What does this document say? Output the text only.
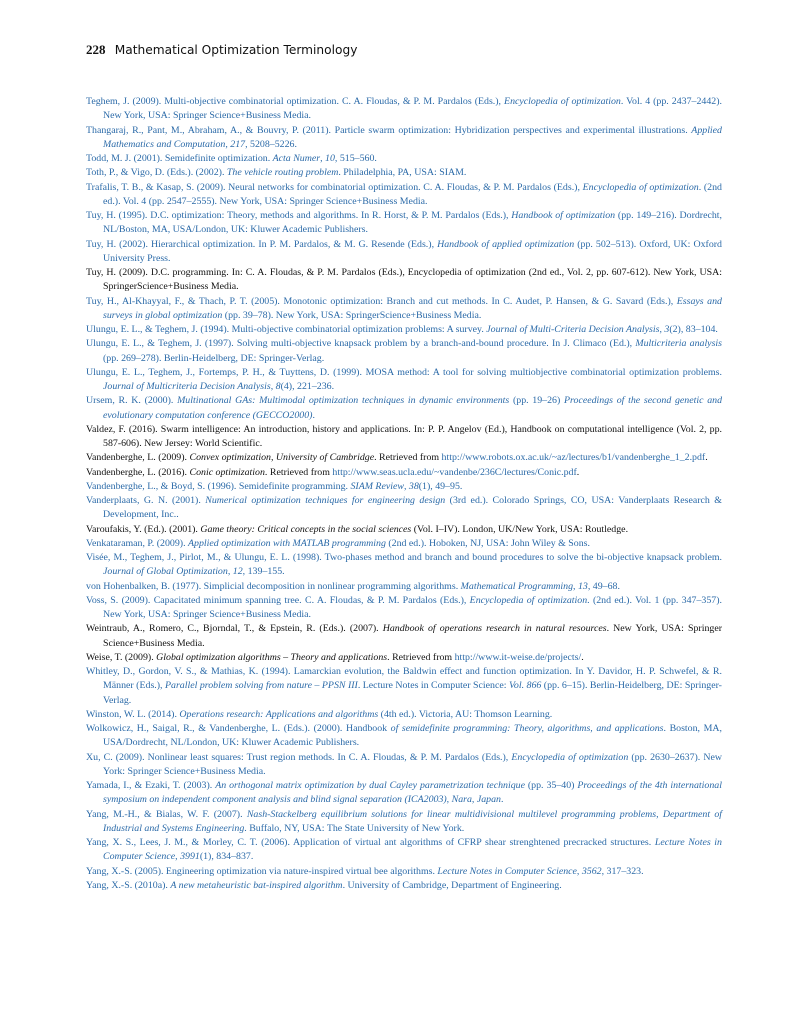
228 Mathematical Optimization Terminology
Teghem, J. (2009). Multi-objective combinatorial optimization. C. A. Floudas, & P. M. Pardalos (Eds.), Encyclopedia of optimization. Vol. 4 (pp. 2437–2442). New York, USA: Springer Science+Business Media.
Thangaraj, R., Pant, M., Abraham, A., & Bouvry, P. (2011). Particle swarm optimization: Hybridization perspectives and experimental illustrations. Applied Mathematics and Computation, 217, 5208–5226.
Todd, M. J. (2001). Semidefinite optimization. Acta Numer, 10, 515–560.
Toth, P., & Vigo, D. (Eds.). (2002). The vehicle routing problem. Philadelphia, PA, USA: SIAM.
Trafalis, T. B., & Kasap, S. (2009). Neural networks for combinatorial optimization. C. A. Floudas, & P. M. Pardalos (Eds.), Encyclopedia of optimization. (2nd ed.). Vol. 4 (pp. 2547–2555). New York, USA: Springer Science+Business Media.
Tuy, H. (1995). D.C. optimization: Theory, methods and algorithms. In R. Horst, & P. M. Pardalos (Eds.), Handbook of optimization (pp. 149–216). Dordrecht, NL/Boston, MA, USA/London, UK: Kluwer Academic Publishers.
Tuy, H. (2002). Hierarchical optimization. In P. M. Pardalos, & M. G. Resende (Eds.), Handbook of applied optimization (pp. 502–513). Oxford, UK: Oxford University Press.
Tuy, H. (2009). D.C. programming. In: C. A. Floudas, & P. M. Pardalos (Eds.), Encyclopedia of optimization (2nd ed., Vol. 2, pp. 607-612). New York, USA: SpringerScience+Business Media.
Tuy, H., Al-Khayyal, F., & Thach, P. T. (2005). Monotonic optimization: Branch and cut methods. In C. Audet, P. Hansen, & G. Savard (Eds.), Essays and surveys in global optimization (pp. 39–78). New York, USA: SpringerScience+Business Media.
Ulungu, E. L., & Teghem, J. (1994). Multi-objective combinatorial optimization problems: A survey. Journal of Multi-Criteria Decision Analysis, 3(2), 83–104.
Ulungu, E. L., & Teghem, J. (1997). Solving multi-objective knapsack problem by a branch-and-bound procedure. In J. Climaco (Ed.), Multicriteria analysis (pp. 269–278). Berlin-Heidelberg, DE: Springer-Verlag.
Ulungu, E. L., Teghem, J., Fortemps, P. H., & Tuyttens, D. (1999). MOSA method: A tool for solving multiobjective combinatorial optimization problems. Journal of Multicriteria Decision Analysis, 8(4), 221–236.
Ursem, R. K. (2000). Multinational GAs: Multimodal optimization techniques in dynamic environments (pp. 19–26) Proceedings of the second genetic and evolutionary computation conference (GECCO2000).
Valdez, F. (2016). Swarm intelligence: An introduction, history and applications. In: P. P. Angelov (Ed.), Handbook on computational intelligence (Vol. 2, pp. 587-606). New Jersey: World Scientific.
Vandenberghe, L. (2009). Convex optimization, University of Cambridge. Retrieved from http://www.robots.ox.ac.uk/~az/lectures/b1/vandenberghe_1_2.pdf.
Vandenberghe, L. (2016). Conic optimization. Retrieved from http://www.seas.ucla.edu/~vandenbe/236C/lectures/Conic.pdf.
Vandenberghe, L., & Boyd, S. (1996). Semidefinite programming. SIAM Review, 38(1), 49–95.
Vanderplaats, G. N. (2001). Numerical optimization techniques for engineering design (3rd ed.). Colorado Springs, CO, USA: Vanderplaats Research & Development, Inc..
Varoufakis, Y. (Ed.). (2001). Game theory: Critical concepts in the social sciences (Vol. I–IV). London, UK/New York, USA: Routledge.
Venkataraman, P. (2009). Applied optimization with MATLAB programming (2nd ed.). Hoboken, NJ, USA: John Wiley & Sons.
Visée, M., Teghem, J., Pirlot, M., & Ulungu, E. L. (1998). Two-phases method and branch and bound procedures to solve the bi-objective knapsack problem. Journal of Global Optimization, 12, 139–155.
von Hohenbalken, B. (1977). Simplicial decomposition in nonlinear programming algorithms. Mathematical Programming, 13, 49–68.
Voss, S. (2009). Capacitated minimum spanning tree. C. A. Floudas, & P. M. Pardalos (Eds.), Encyclopedia of optimization. (2nd ed.). Vol. 1 (pp. 347–357). New York, USA: Springer Science+Business Media.
Weintraub, A., Romero, C., Bjorndal, T., & Epstein, R. (Eds.). (2007). Handbook of operations research in natural resources. New York, USA: Springer Science+Business Media.
Weise, T. (2009). Global optimization algorithms – Theory and applications. Retrieved from http://www.it-weise.de/projects/.
Whitley, D., Gordon, V. S., & Mathias, K. (1994). Lamarckian evolution, the Baldwin effect and function optimization. In Y. Davidor, H. P. Schwefel, & R. Männer (Eds.), Parallel problem solving from nature – PPSN III. Lecture Notes in Computer Science: Vol. 866 (pp. 6–15). Berlin-Heidelberg, DE: Springer-Verlag.
Winston, W. L. (2014). Operations research: Applications and algorithms (4th ed.). Victoria, AU: Thomson Learning.
Wolkowicz, H., Saigal, R., & Vandenberghe, L. (Eds.). (2000). Handbook of semidefinite programming: Theory, algorithms, and applications. Boston, MA, USA/Dordrecht, NL/London, UK: Kluwer Academic Publishers.
Xu, C. (2009). Nonlinear least squares: Trust region methods. In C. A. Floudas, & P. M. Pardalos (Eds.), Encyclopedia of optimization (pp. 2630–2637). New York: Springer Science+Business Media.
Yamada, I., & Ezaki, T. (2003). An orthogonal matrix optimization by dual Cayley parametrization technique (pp. 35–40) Proceedings of the 4th international symposium on independent component analysis and blind signal separation (ICA2003), Nara, Japan.
Yang, M.-H., & Bialas, W. F. (2007). Nash-Stackelberg equilibrium solutions for linear multidivisional multilevel programming problems, Department of Industrial and Systems Engineering. Buffalo, NY, USA: The State University of New York.
Yang, X. S., Lees, J. M., & Morley, C. T. (2006). Application of virtual ant algorithms of CFRP shear strenghtened precracked structures. Lecture Notes in Computer Science, 3991(1), 834–837.
Yang, X.-S. (2005). Engineering optimization via nature-inspired virtual bee algorithms. Lecture Notes in Computer Science, 3562, 317–323.
Yang, X.-S. (2010a). A new metaheuristic bat-inspired algorithm. University of Cambridge, Department of Engineering.
